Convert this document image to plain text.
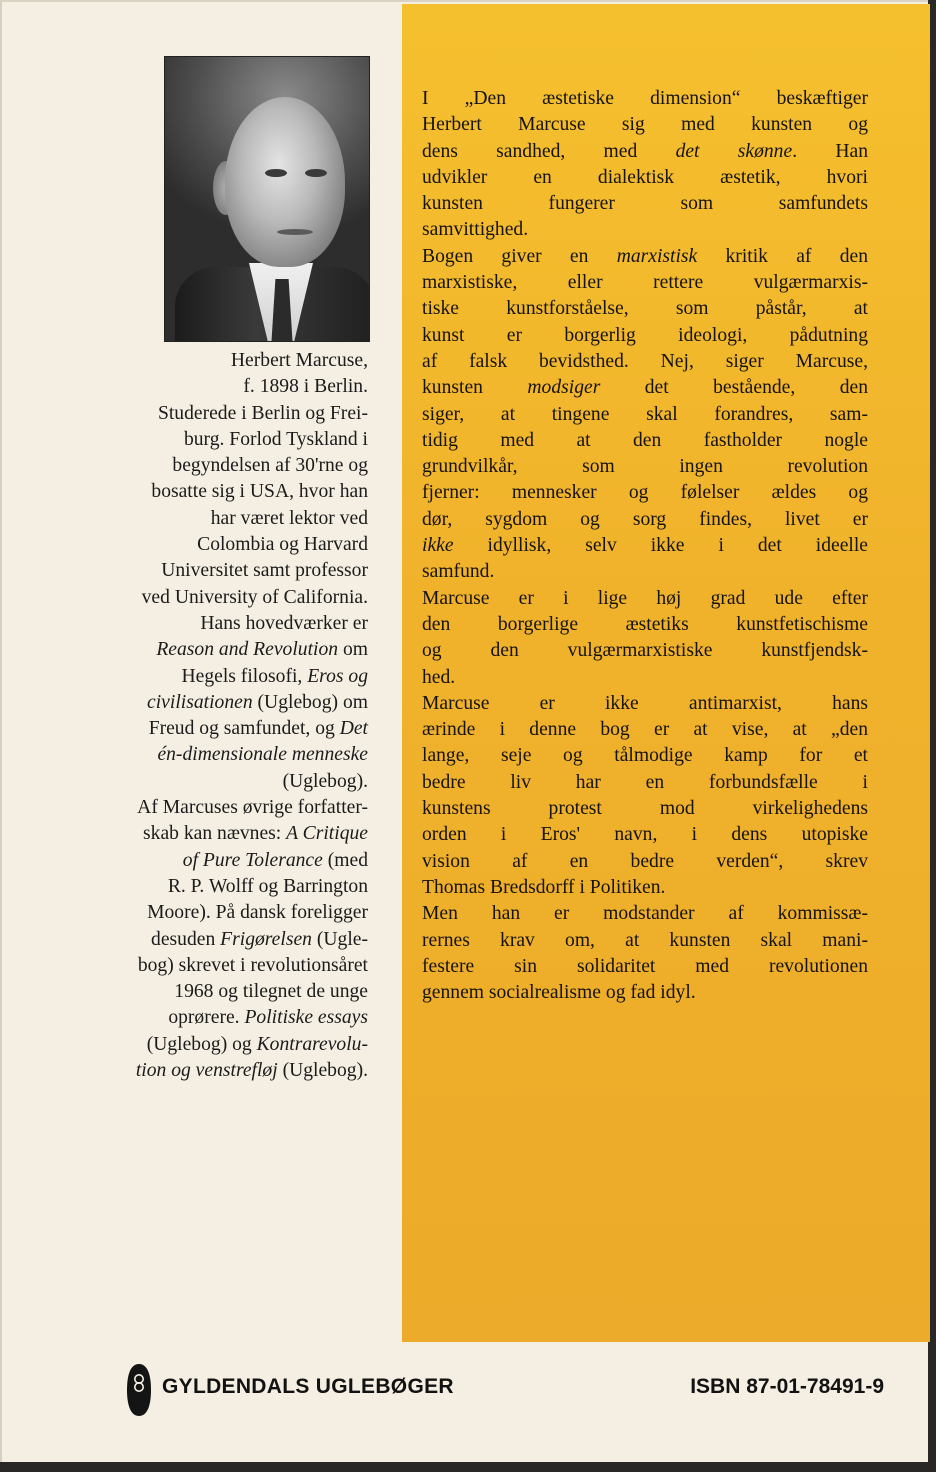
Herbert Marcuse,
f. 1898 i Berlin.
Studerede i Berlin og Frei-
burg. Forlod Tyskland i
begyndelsen af 30'rne og
bosatte sig i USA, hvor han
har været lektor ved
Colombia og Harvard
Universitet samt professor
ved University of California.
Hans hovedværker er
Reason and Revolution om
Hegels filosofi, Eros og
civilisationen (Uglebog) om
Freud og samfundet, og Det
én-dimensionale menneske
(Uglebog).
Af Marcuses øvrige forfatter-
skab kan nævnes: A Critique
of Pure Tolerance (med
R. P. Wolff og Barrington
Moore). På dansk foreligger
desuden Frigørelsen (Ugle-
bog) skrevet i revolutionsåret
1968 og tilegnet de unge
oprørere. Politiske essays
(Uglebog) og Kontrarevolu-
tion og venstrefløj (Uglebog).
I „Den æstetiske dimension“ beskæftiger
Herbert Marcuse sig med kunsten og
dens sandhed, med det skønne. Han
udvikler en dialektisk æstetik, hvori
kunsten fungerer som samfundets
samvittighed.
Bogen giver en marxistisk kritik af den
marxistiske, eller rettere vulgærmarxis-
tiske kunstforståelse, som påstår, at
kunst er borgerlig ideologi, pådutning
af falsk bevidsthed. Nej, siger Marcuse,
kunsten modsiger det bestående, den
siger, at tingene skal forandres, sam-
tidig med at den fastholder nogle
grundvilkår, som ingen revolution
fjerner: mennesker og følelser ældes og
dør, sygdom og sorg findes, livet er
ikke idyllisk, selv ikke i det ideelle
samfund.
Marcuse er i lige høj grad ude efter
den borgerlige æstetiks kunstfetischisme
og den vulgærmarxistiske kunstfjendsk-
hed.
Marcuse er ikke antimarxist, hans
ærinde i denne bog er at vise, at „den
lange, seje og tålmodige kamp for et
bedre liv har en forbundsfælle i
kunstens protest mod virkelighedens
orden i Eros' navn, i dens utopiske
vision af en bedre verden“, skrev
Thomas Bredsdorff i Politiken.
Men han er modstander af kommissæ-
rernes krav om, at kunsten skal mani-
festere sin solidaritet med revolutionen
gennem socialrealisme og fad idyl.
GYLDENDALS UGLEBØGER	ISBN 87-01-78491-9
